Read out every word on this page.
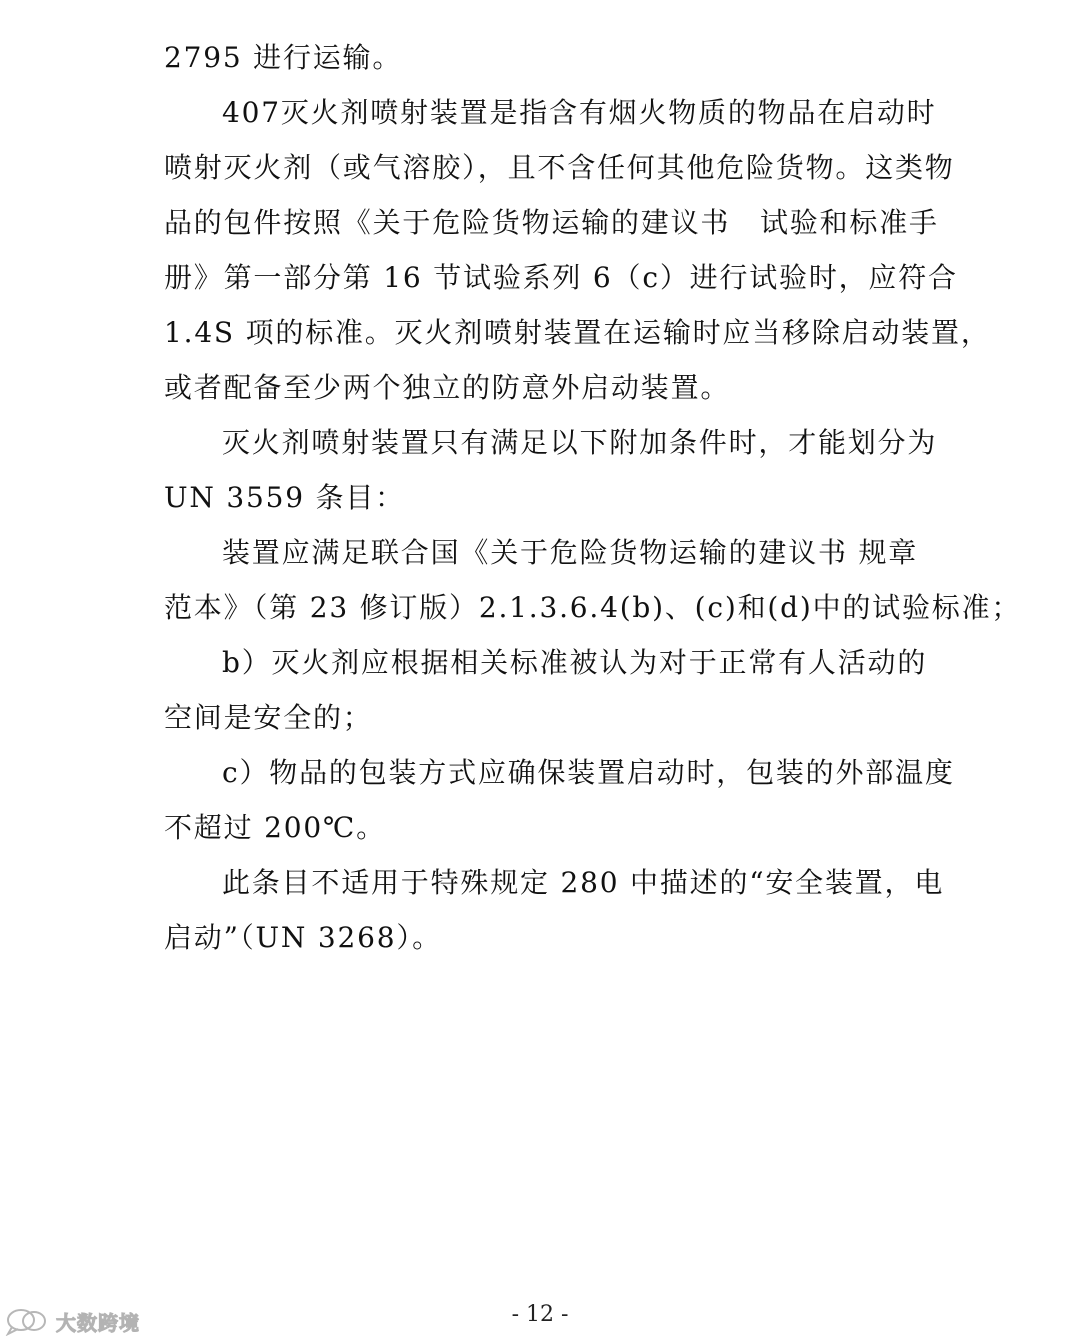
2795 进行运输。
407灭火剂喷射装置是指含有烟火物质的物品在启动时
喷射灭火剂（或气溶胶），且不含任何其他危险货物。这类物
品的包件按照《关于危险货物运输的建议书　试验和标准手
册》第一部分第 16 节试验系列 6（c）进行试验时，应符合
1.4S 项的标准。灭火剂喷射装置在运输时应当移除启动装置，
或者配备至少两个独立的防意外启动装置。
灭火剂喷射装置只有满足以下附加条件时，才能划分为
UN 3559 条目：
装置应满足联合国《关于危险货物运输的建议书 规章
范本》（第 23 修订版）2.1.3.6.4(b)、(c)和(d)中的试验标准；
b）灭火剂应根据相关标准被认为对于正常有人活动的
空间是安全的；
c）物品的包装方式应确保装置启动时，包装的外部温度
不超过 200℃。
此条目不适用于特殊规定 280 中描述的“安全装置，电
启动”（UN 3268）。
- 12 -
大数跨境
